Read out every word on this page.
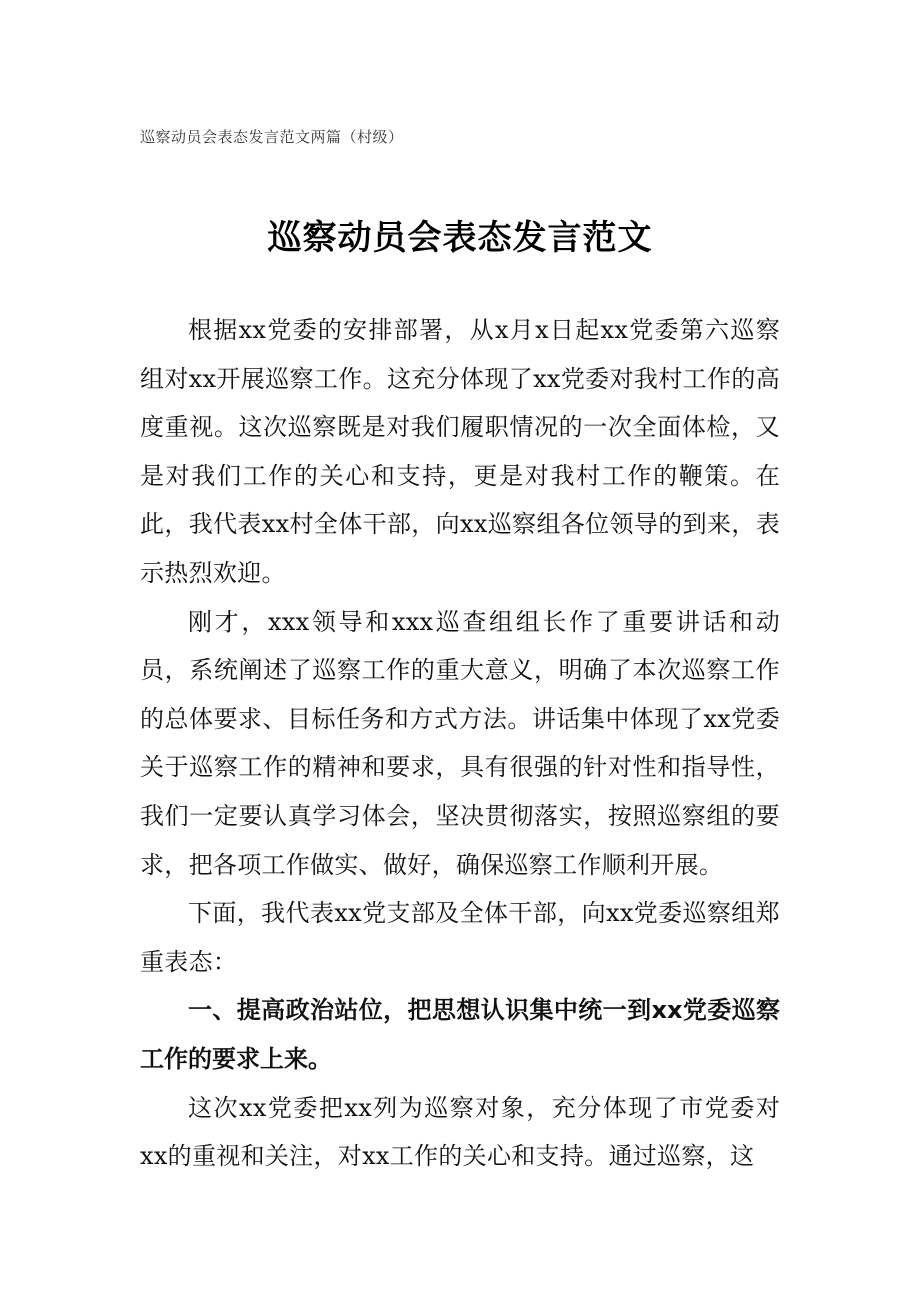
巡察动员会表态发言范文两篇（村级）
巡察动员会表态发言范文

根据xx党委的安排部署，从x月x日起xx党委第六巡察组对xx开展巡察工作。这充分体现了xx党委对我村工作的高度重视。这次巡察既是对我们履职情况的一次全面体检，又是对我们工作的关心和支持，更是对我村工作的鞭策。在此，我代表xx村全体干部，向xx巡察组各位领导的到来，表示热烈欢迎。

刚才，xxx领导和xxx巡查组组长作了重要讲话和动员，系统阐述了巡察工作的重大意义，明确了本次巡察工作的总体要求、目标任务和方式方法。讲话集中体现了xx党委关于巡察工作的精神和要求，具有很强的针对性和指导性，我们一定要认真学习体会，坚决贯彻落实，按照巡察组的要求，把各项工作做实、做好，确保巡察工作顺利开展。

下面，我代表xx党支部及全体干部，向xx党委巡察组郑重表态：

一、提高政治站位，把思想认识集中统一到xx党委巡察工作的要求上来。

这次xx党委把xx列为巡察对象，充分体现了市党委对xx的重视和关注，对xx工作的关心和支持。通过巡察，这
